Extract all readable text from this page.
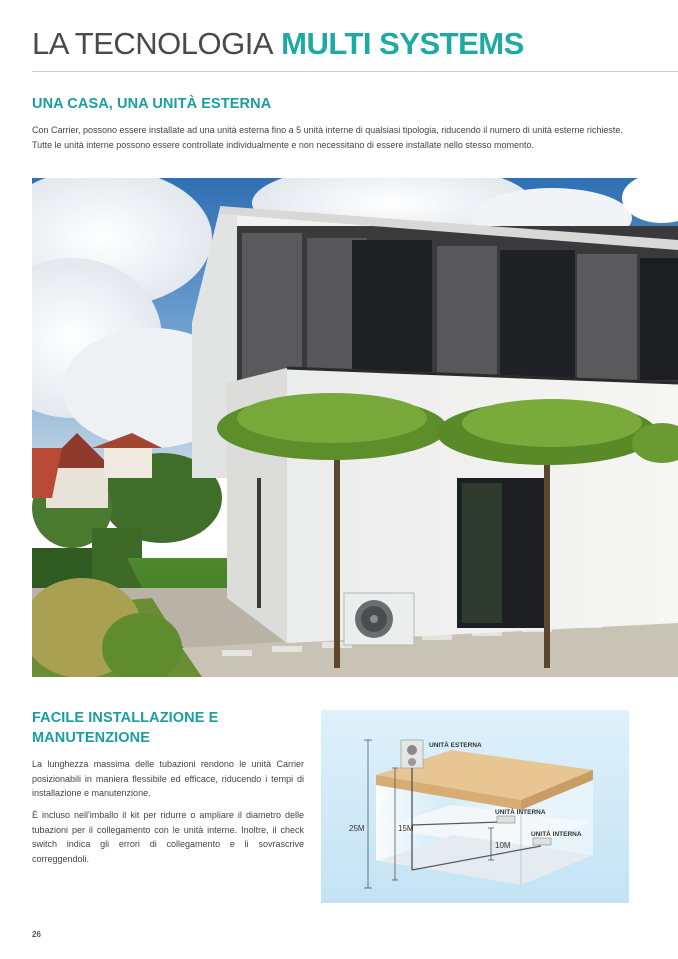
LA TECNOLOGIA MULTI SYSTEMS
UNA CASA, UNA UNITÀ ESTERNA
Con Carrier, possono essere installate ad una unità esterna fino a 5 unità interne di qualsiasi tipologia, riducendo il numero di unità esterne richieste.
Tutte le unità interne possono essere controllate individualmente e non necessitano di essere installate nello stesso momento.
FACILE INSTALLAZIONE E
MANUTENZIONE
La lunghezza massima delle tubazioni rendono le unità Carrier posizionabili in maniera flessibile ed efficace, riducendo i tempi di installazione e manutenzione.
È incluso nell'imballo il kit per ridurre o ampliare il diametro delle tubazioni per il collegamento con le unità interne. Inoltre, il check switch indica gli errori di collegamento e li sovrascrive correggendoli.
UNITÀ ESTERNA
UNITÀ INTERNA
UNITÀ INTERNA
25M	15M
10M
26
